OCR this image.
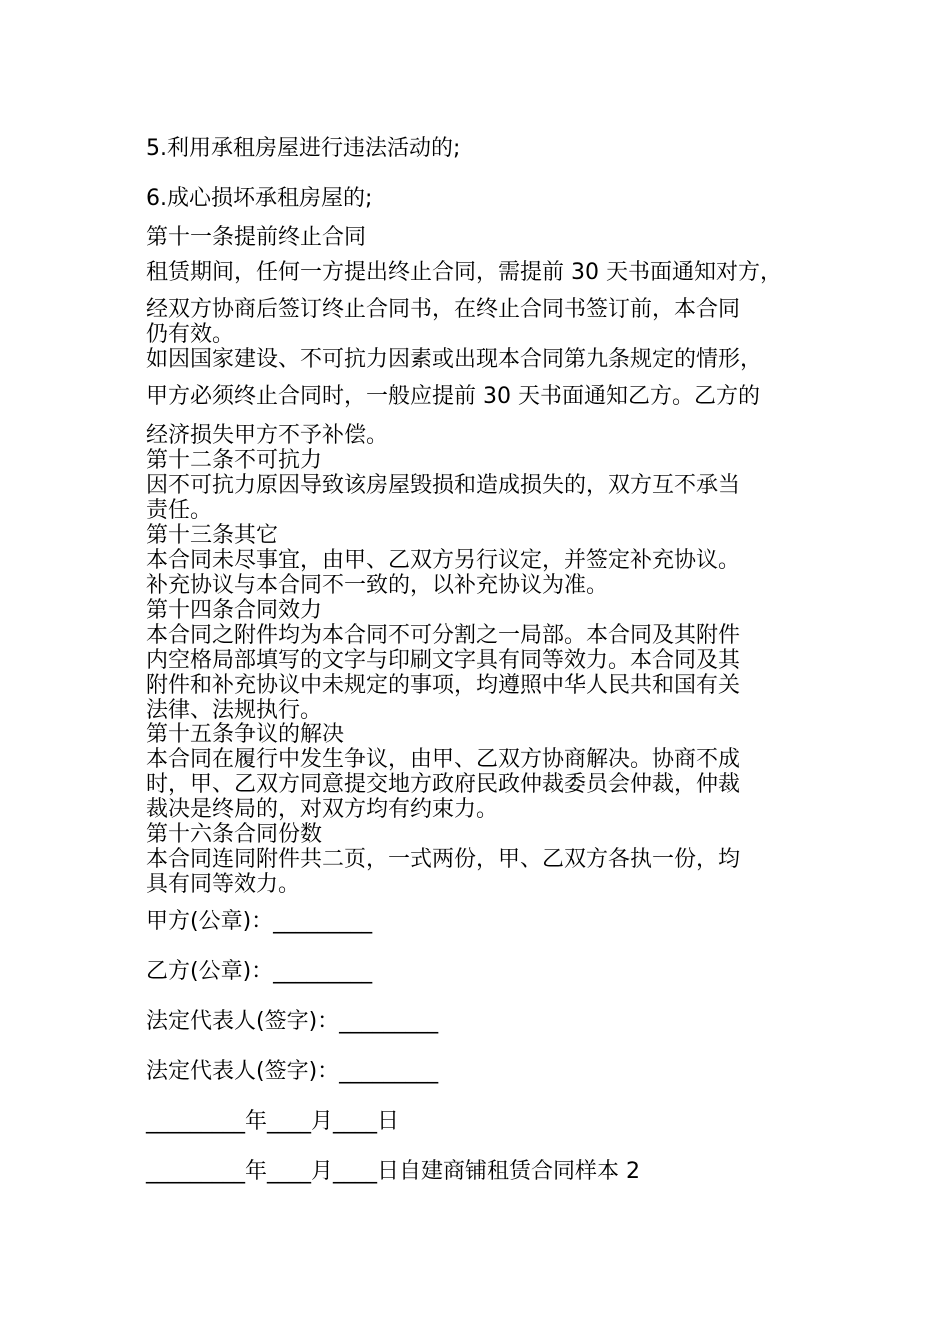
5.利用承租房屋进行违法活动的;

6.成心损坏承租房屋的;

第十一条提前终止合同

租赁期间，任何一方提出终止合同，需提前 30 天书面通知对方，

经双方协商后签订终止合同书，在终止合同书签订前，本合同

仍有效。

如因国家建设、不可抗力因素或出现本合同第九条规定的情形，

甲方必须终止合同时，一般应提前 30 天书面通知乙方。乙方的

经济损失甲方不予补偿。

第十二条不可抗力

因不可抗力原因导致该房屋毁损和造成损失的，双方互不承当

责任。

第十三条其它

本合同未尽事宜，由甲、乙双方另行议定，并签定补充协议。

补充协议与本合同不一致的，以补充协议为准。

第十四条合同效力

本合同之附件均为本合同不可分割之一局部。本合同及其附件

内空格局部填写的文字与印刷文字具有同等效力。本合同及其

附件和补充协议中未规定的事项，均遵照中华人民共和国有关

法律、法规执行。

第十五条争议的解决

本合同在履行中发生争议，由甲、乙双方协商解决。协商不成

时，甲、乙双方同意提交地方政府民政仲裁委员会仲裁，仲裁

裁决是终局的，对双方均有约束力。

第十六条合同份数

本合同连同附件共二页，一式两份，甲、乙双方各执一份，均

具有同等效力。

甲方(公章)：_________

乙方(公章)：_________

法定代表人(签字)：_________

法定代表人(签字)：_________

_________年____月____日

_________年____月____日自建商铺租赁合同样本 2
